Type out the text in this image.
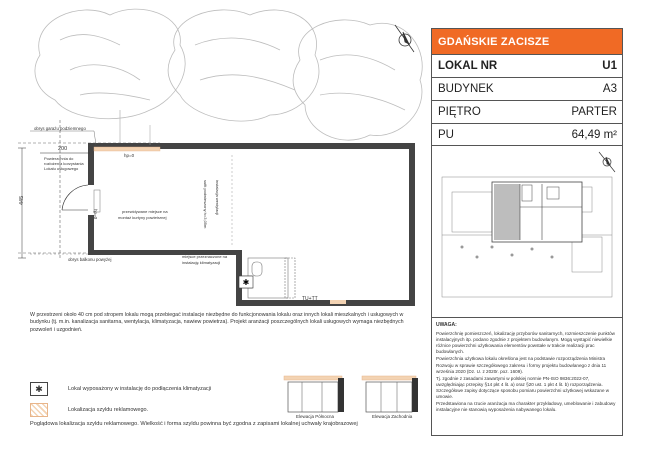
✱
obrys garażu podziemnego
hp=0
hp=0
200
445
obrys balkonu powyżej
przewidywane miejsce na
montaż kurtyny powietrznej
miejsce przeznaczone na
instalację klimatyzacji
sufit podwieszony h=3,05m instalacja wentylacji
TU+TT
Powierzchnia do
rozłożenia korzystania
Lokalu usługowego
W przestrzeni około 40 cm pod stropem lokalu mogą przebiegać instalacje niezbędne do funkcjonowania lokalu oraz innych lokali mieszkalnych i usługowych w budynku (tj. m.in. kanalizacja sanitarna, wentylacja, klimatyzacja, nawiew powietrza). Projekt aranżacji poszczególnych lokali usługowych wymaga niezbędnych pozwoleń i uzgodnień.
✱	Lokal wyposażony w instalację do podłączenia klimatyzacji
Lokalizacja szyldu reklamowego.
Elewacja Północna	Elewacja Zachodnia
Poglądowa lokalizacja szyldu reklamowego. Wielkość i forma szyldu powinna być zgodna z zapisami lokalnej uchwały krajobrazowej
GDAŃSKIE ZACISZE
LOKAL NR	U1
BUDYNEK	A3
PIĘTRO	PARTER
PU	64,49 m²
UWAGA:

Powierzchnię pomieszczeń, lokalizację przyborów sanitarnych, rozmieszczenie punktów instalacyjnych itp. podano zgodnie z projektem budowlanym. Mogą wystąpić niewielkie różnice powierzchni użytkowania elementów powstałe w trakcie realizacji prac budowlanych.

Powierzchnia użytkowa lokalu określona jest na podstawie rozporządzenia Ministra Rozwoju w sprawie szczegółowego zakresu i formy projektu budowlanego z dnia 11 września 2020 (Dz. U. z 2020r. poz. 1609).

Tj. zgodnie z zasadami zawartymi w polskiej normie PN-ISO 9836:2022-07, uwzględniając przepisy §14 pkt 4 lit. a) oraz §20 ust. 1 pkt 4 lit. b) rozporządzenia. Szczegółowe zapisy dotyczące sposobu pomiaru powierzchni użytkowej wskazane w umowie.

Przedstawiona na rzucie aranżacja ma charakter przykładowy, umeblowanie i zabudowy instalacyjne nie stanowią wyposażenia nabywanego lokalu.
